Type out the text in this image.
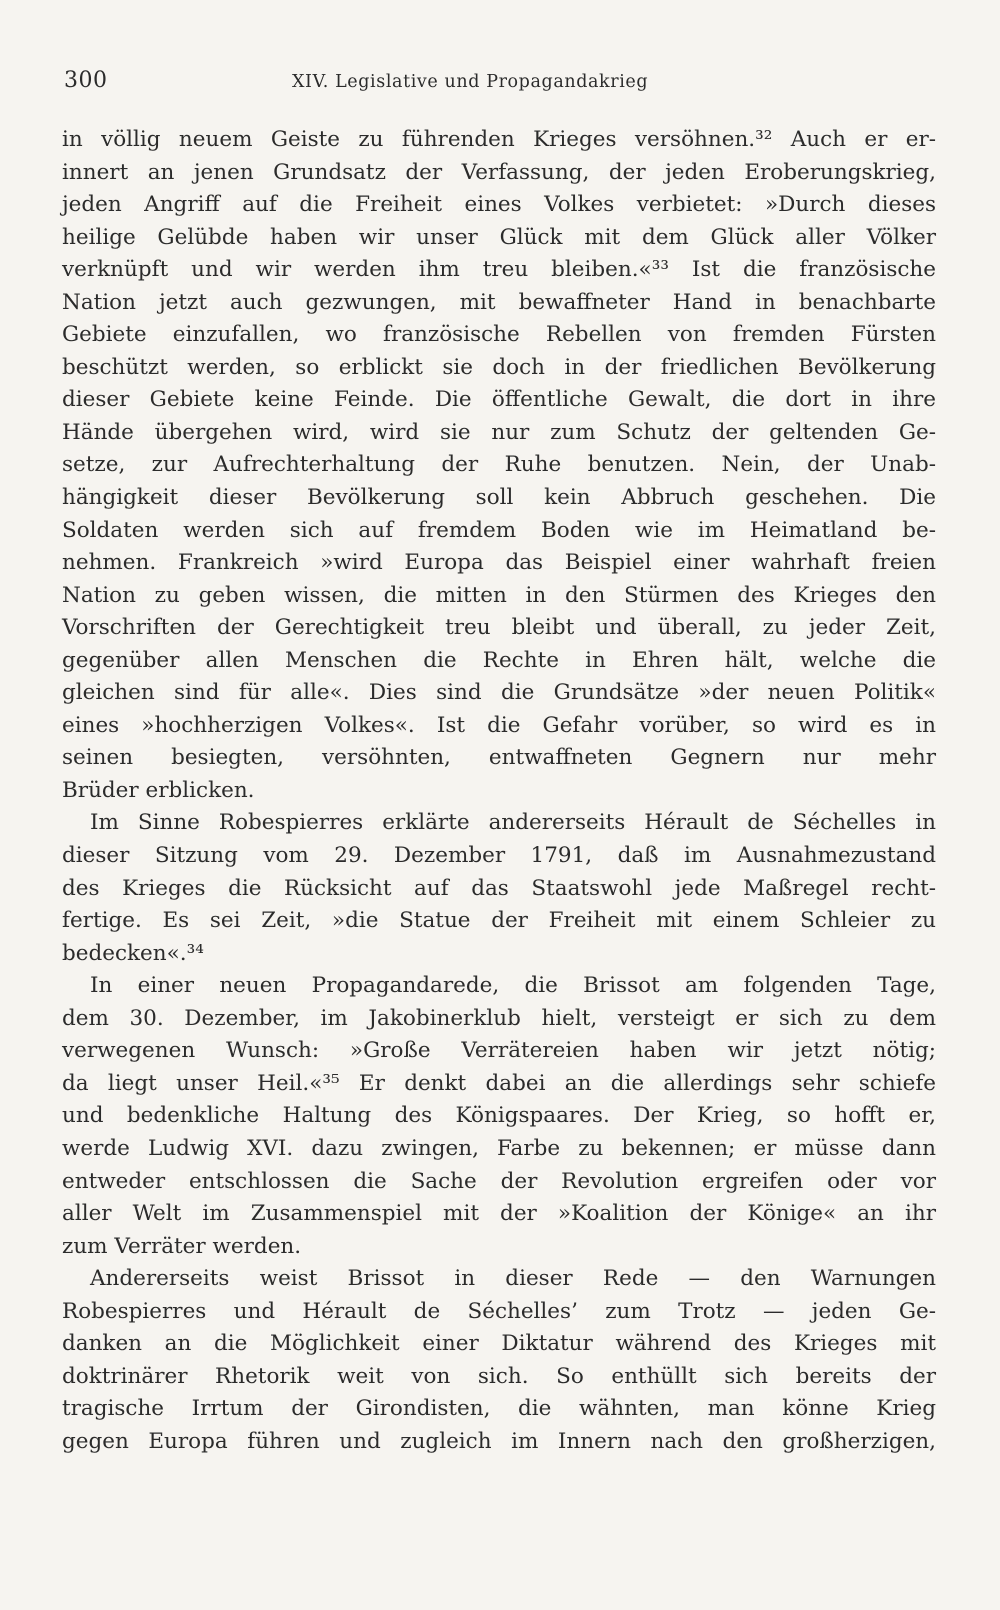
300	XIV. Legislative und Propagandakrieg
in völlig neuem Geiste zu führenden Krieges versöhnen.³² Auch er er-
innert an jenen Grundsatz der Verfassung, der jeden Eroberungskrieg,
jeden Angriff auf die Freiheit eines Volkes verbietet: »Durch dieses
heilige Gelübde haben wir unser Glück mit dem Glück aller Völker
verknüpft und wir werden ihm treu bleiben.«³³ Ist die französische
Nation jetzt auch gezwungen, mit bewaffneter Hand in benachbarte
Gebiete einzufallen, wo französische Rebellen von fremden Fürsten
beschützt werden, so erblickt sie doch in der friedlichen Bevölkerung
dieser Gebiete keine Feinde. Die öffentliche Gewalt, die dort in ihre
Hände übergehen wird, wird sie nur zum Schutz der geltenden Ge-
setze, zur Aufrechterhaltung der Ruhe benutzen. Nein, der Unab-
hängigkeit dieser Bevölkerung soll kein Abbruch geschehen. Die
Soldaten werden sich auf fremdem Boden wie im Heimatland be-
nehmen. Frankreich »wird Europa das Beispiel einer wahrhaft freien
Nation zu geben wissen, die mitten in den Stürmen des Krieges den
Vorschriften der Gerechtigkeit treu bleibt und überall, zu jeder Zeit,
gegenüber allen Menschen die Rechte in Ehren hält, welche die
gleichen sind für alle«. Dies sind die Grundsätze »der neuen Politik«
eines »hochherzigen Volkes«. Ist die Gefahr vorüber, so wird es in
seinen besiegten, versöhnten, entwaffneten Gegnern nur mehr
Brüder erblicken.
Im Sinne Robespierres erklärte andererseits Hérault de Séchelles in
dieser Sitzung vom 29. Dezember 1791, daß im Ausnahmezustand
des Krieges die Rücksicht auf das Staatswohl jede Maßregel recht-
fertige. Es sei Zeit, »die Statue der Freiheit mit einem Schleier zu
bedecken«.³⁴
In einer neuen Propagandarede, die Brissot am folgenden Tage,
dem 30. Dezember, im Jakobinerklub hielt, versteigt er sich zu dem
verwegenen Wunsch: »Große Verrätereien haben wir jetzt nötig;
da liegt unser Heil.«³⁵ Er denkt dabei an die allerdings sehr schiefe
und bedenkliche Haltung des Königspaares. Der Krieg, so hofft er,
werde Ludwig XVI. dazu zwingen, Farbe zu bekennen; er müsse dann
entweder entschlossen die Sache der Revolution ergreifen oder vor
aller Welt im Zusammenspiel mit der »Koalition der Könige« an ihr
zum Verräter werden.
Andererseits weist Brissot in dieser Rede — den Warnungen
Robespierres und Hérault de Séchelles’ zum Trotz — jeden Ge-
danken an die Möglichkeit einer Diktatur während des Krieges mit
doktrinärer Rhetorik weit von sich. So enthüllt sich bereits der
tragische Irrtum der Girondisten, die wähnten, man könne Krieg
gegen Europa führen und zugleich im Innern nach den großherzigen,
